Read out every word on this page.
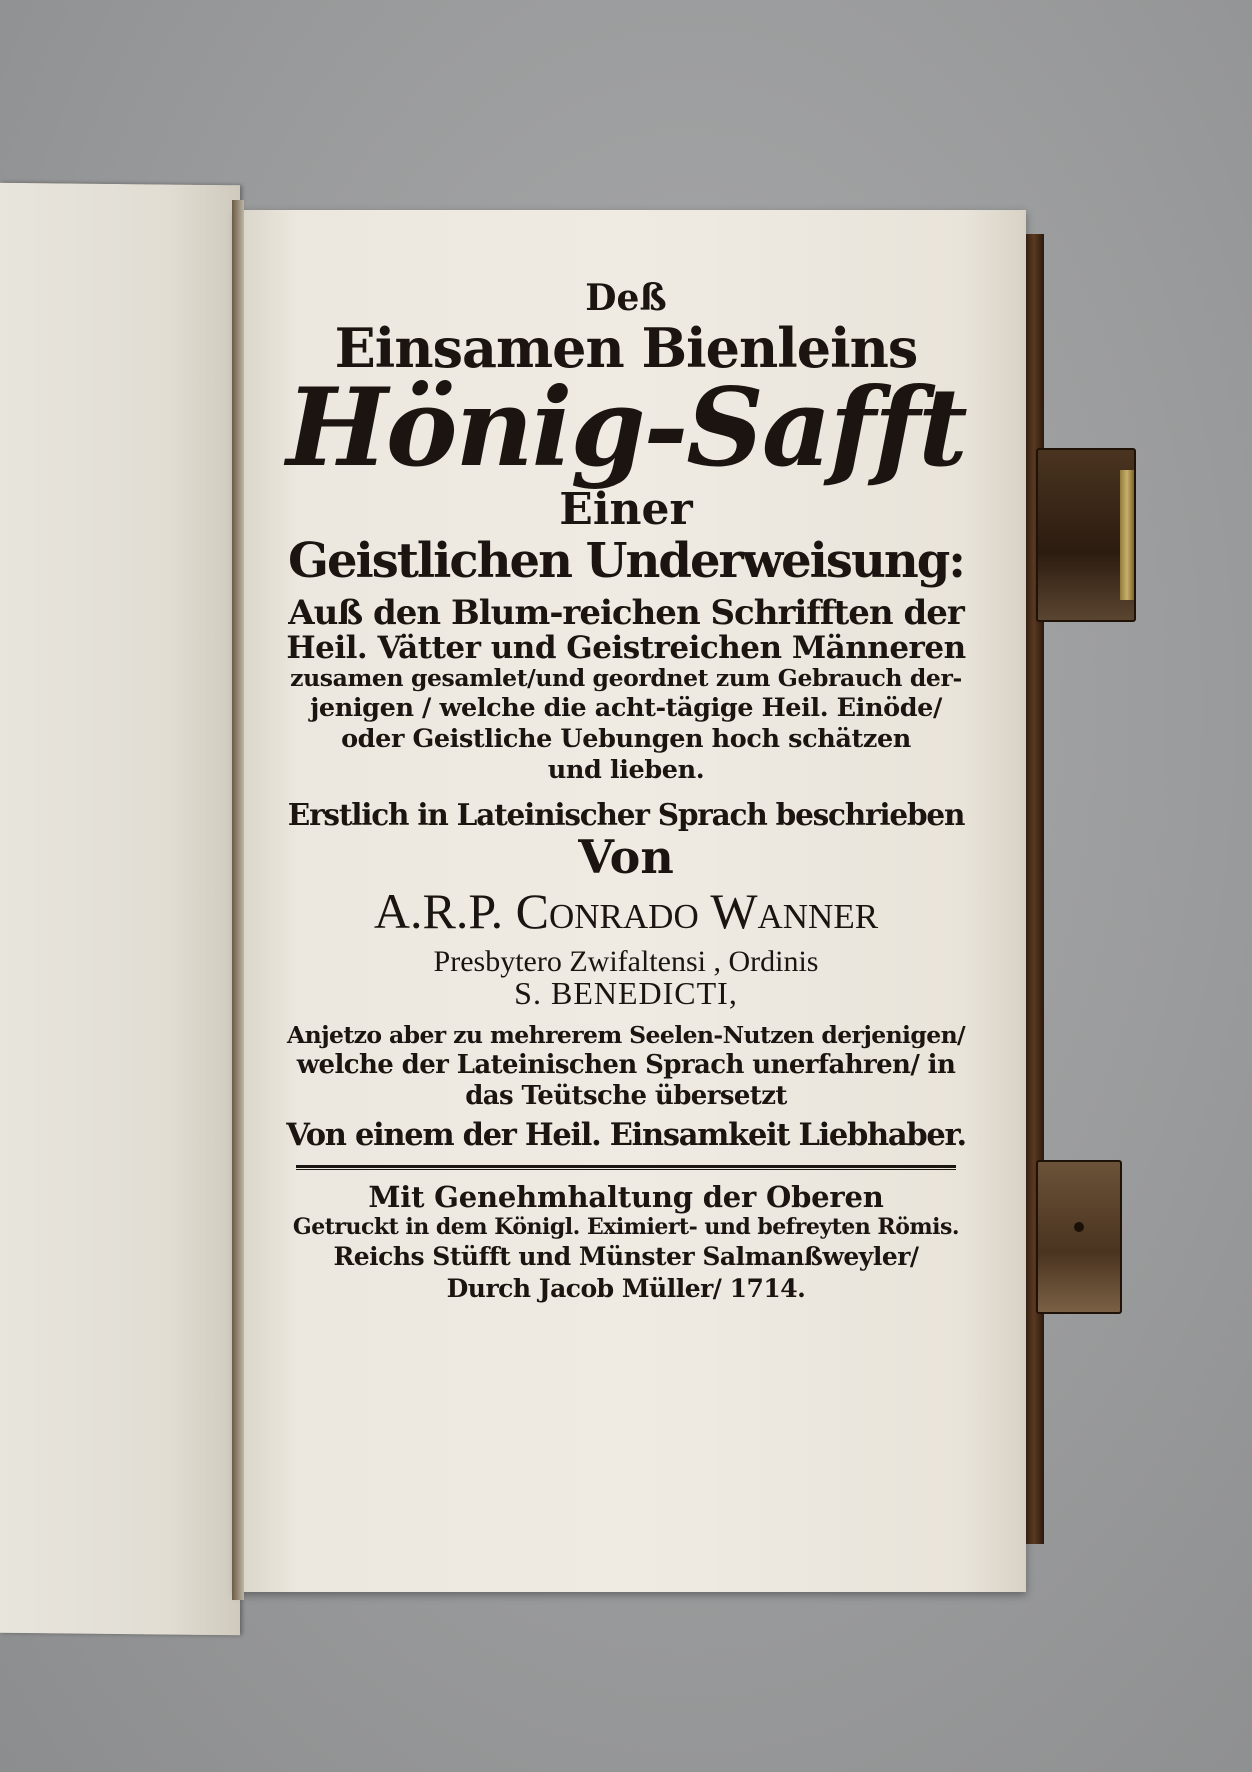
Deß

Einsamen Bienleins

Hönig-Safft

Einer

Geistlichen Underweisung:

Auß den Blum-reichen Schrifften der

Heil. Vätter und Geistreichen Männeren

zusamen gesamlet/und geordnet zum Gebrauch der-

jenigen / welche die acht-tägige Heil. Einöde/

oder Geistliche Uebungen hoch schätzen

und lieben.

Erstlich in Lateinischer Sprach beschrieben

Von

A.R.P. Conrado Wanner

Presbytero Zwifaltensi , Ordinis

S. BENEDICTI,

Anjetzo aber zu mehrerem Seelen-Nutzen derjenigen/

welche der Lateinischen Sprach unerfahren/ in

das Teütsche übersetzt

Von einem der Heil. Einsamkeit Liebhaber.

Mit Genehmhaltung der Oberen

Getruckt in dem Königl. Eximiert- und befreyten Römis.

Reichs Stüfft und Münster Salmanßweyler/

Durch Jacob Müller/ 1714.
